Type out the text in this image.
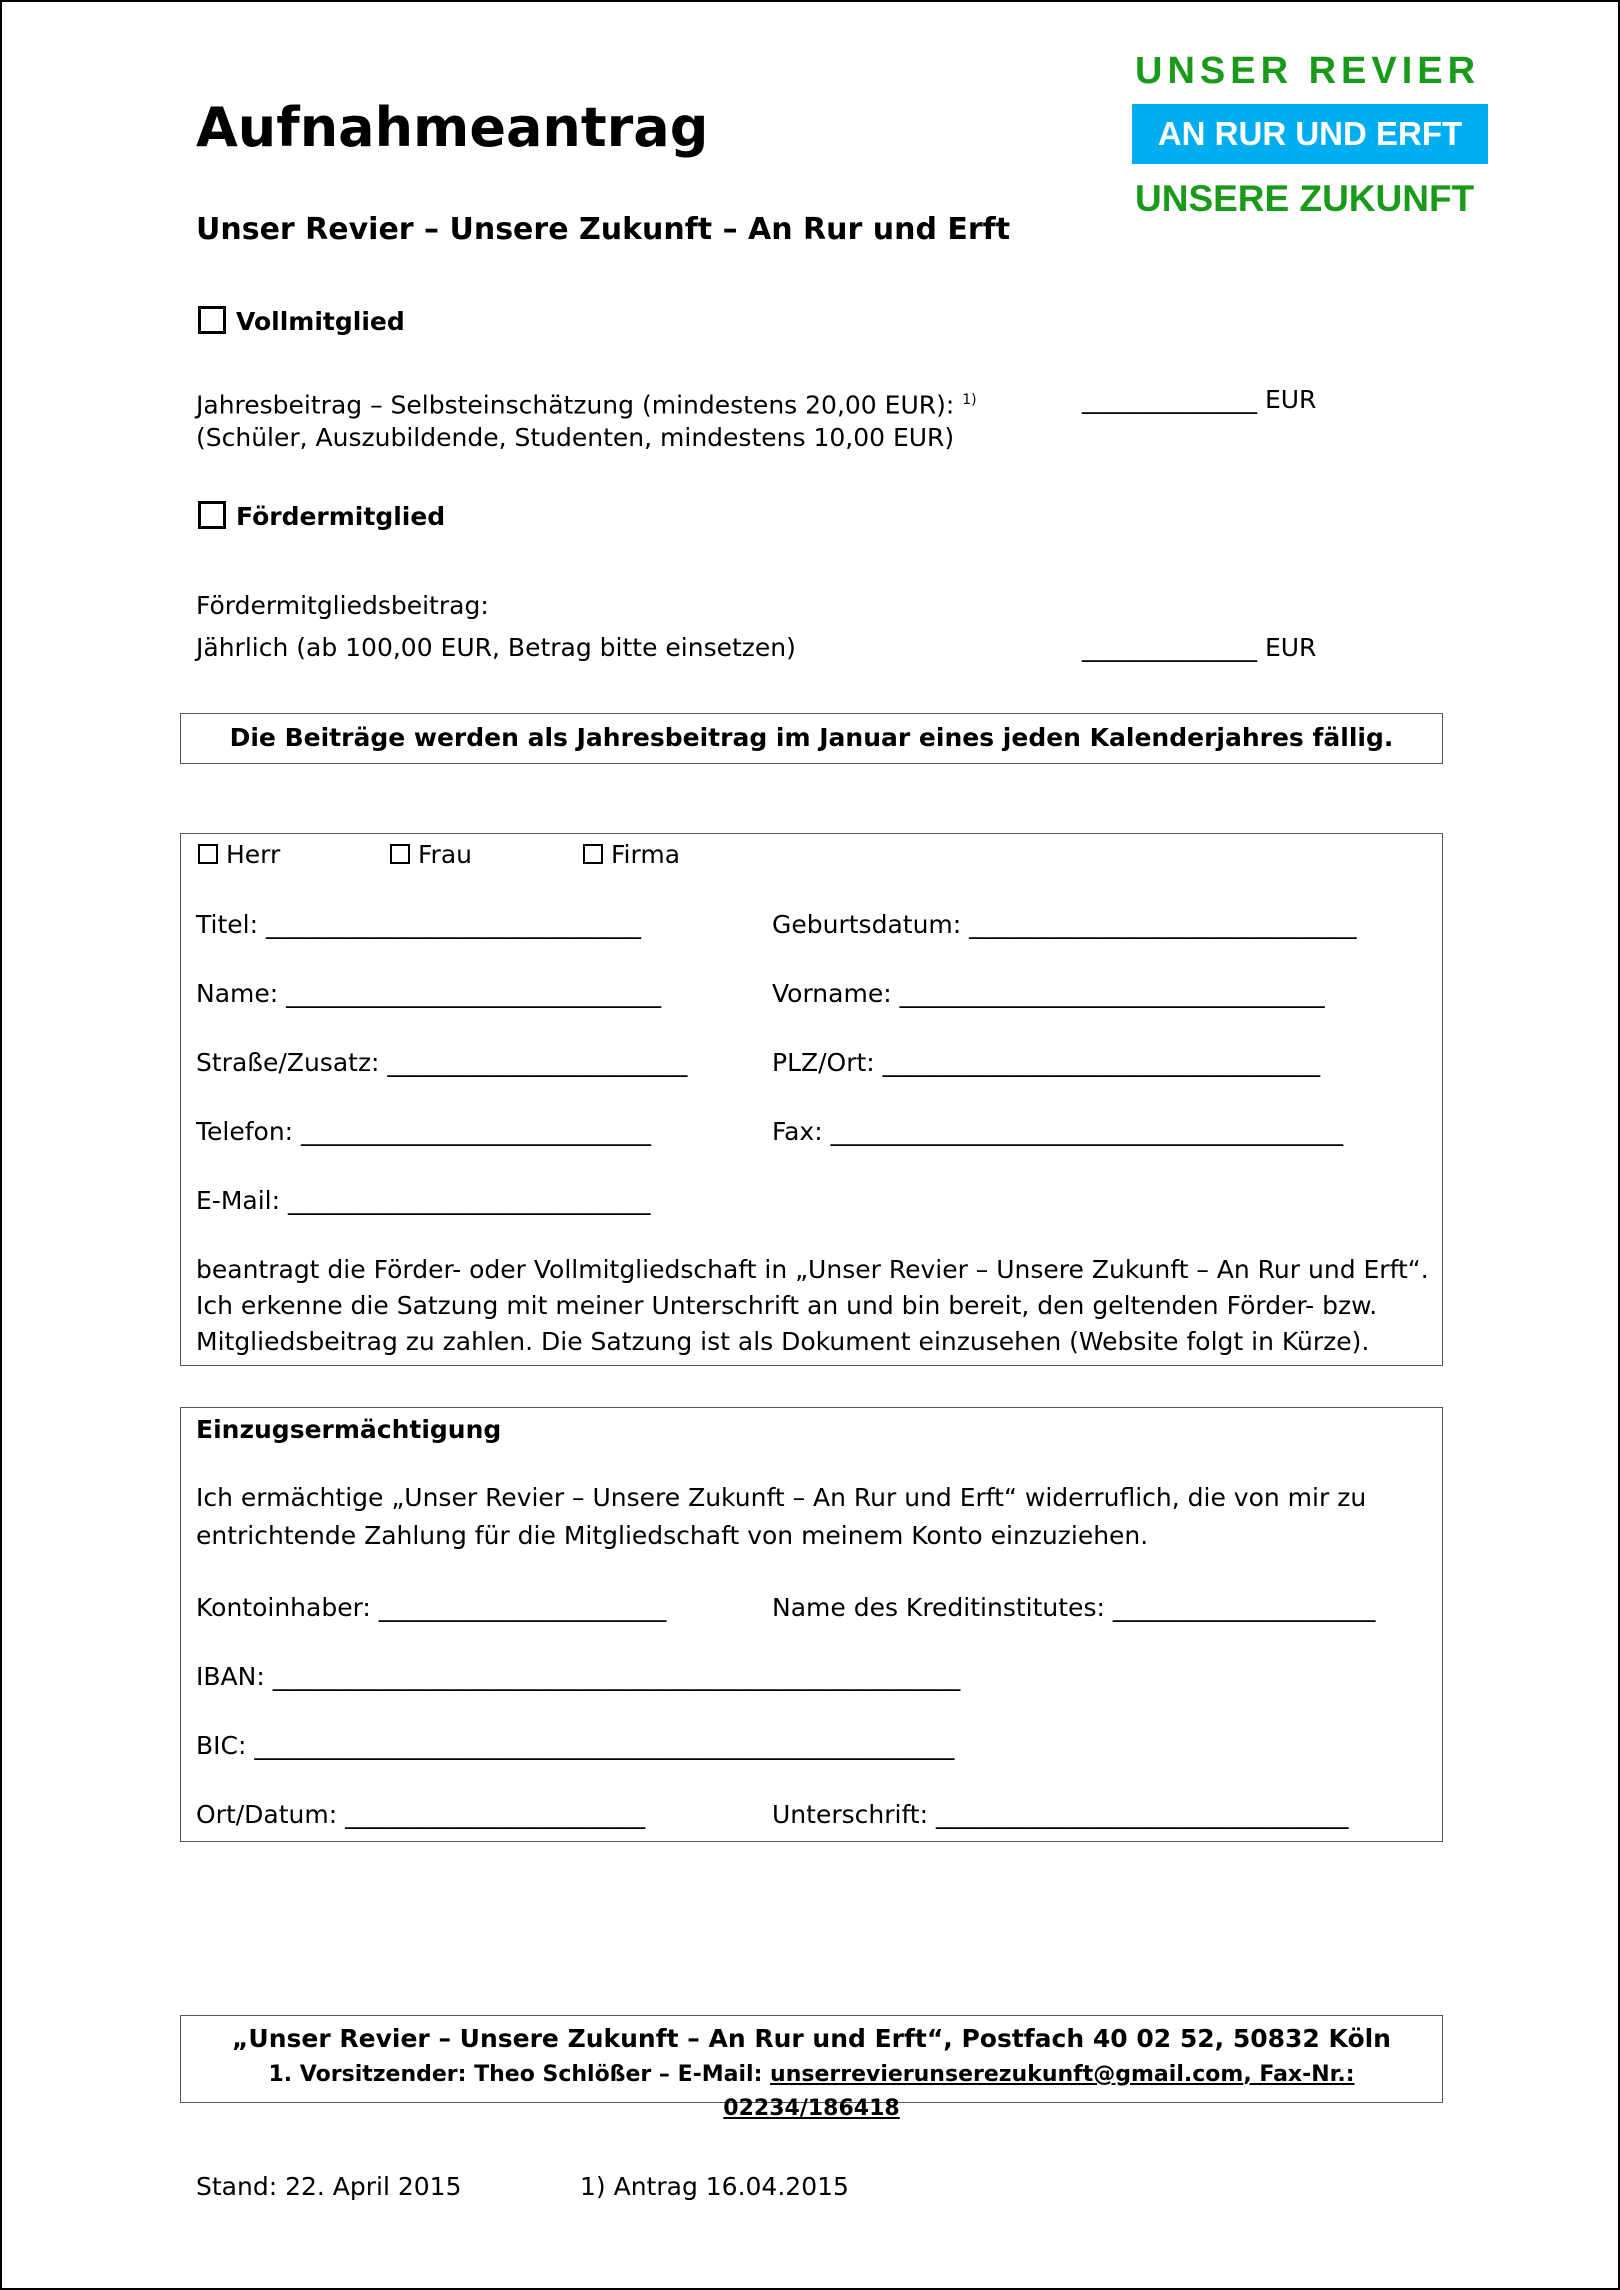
UNSER REVIER
AN RUR UND ERFT
UNSERE ZUKUNFT
Aufnahmeantrag
Unser Revier – Unsere Zukunft – An Rur und Erft
Vollmitglied
Jahresbeitrag – Selbsteinschätzung (mindestens 20,00 EUR): $^{1)}$
(Schüler, Auszubildende, Studenten, mindestens 10,00 EUR)
______________ EUR
Fördermitglied
Fördermitgliedsbeitrag:
Jährlich (ab 100,00 EUR, Betrag bitte einsetzen)	______________ EUR
Die Beiträge werden als Jahresbeitrag im Januar eines jeden Kalenderjahres fällig.
Herr	Frau	Firma
Titel: ______________________________	Geburtsdatum: _______________________________
Name: ______________________________	Vorname: __________________________________
Straße/Zusatz: ________________________	PLZ/Ort: ___________________________________
Telefon: ____________________________	Fax: _________________________________________
E-Mail: _____________________________
beantragt die Förder- oder Vollmitgliedschaft in „Unser Revier – Unsere Zukunft – An Rur und Erft“.
Ich erkenne die Satzung mit meiner Unterschrift an und bin bereit, den geltenden Förder- bzw.
Mitgliedsbeitrag zu zahlen. Die Satzung ist als Dokument einzusehen (Website folgt in Kürze).
Einzugsermächtigung
Ich ermächtige „Unser Revier – Unsere Zukunft – An Rur und Erft“ widerruflich, die von mir zu
entrichtende Zahlung für die Mitgliedschaft von meinem Konto einzuziehen.
Kontoinhaber: _______________________	Name des Kreditinstitutes: _____________________
IBAN: _______________________________________________________
BIC: ________________________________________________________
Ort/Datum: ________________________	Unterschrift: _________________________________
„Unser Revier – Unsere Zukunft – An Rur und Erft“, Postfach 40 02 52, 50832 Köln
1. Vorsitzender: Theo Schlößer – E-Mail: unserrevierunserezukunft@gmail.com, Fax-Nr.: 02234/186418
Stand: 22. April 2015	1) Antrag 16.04.2015
